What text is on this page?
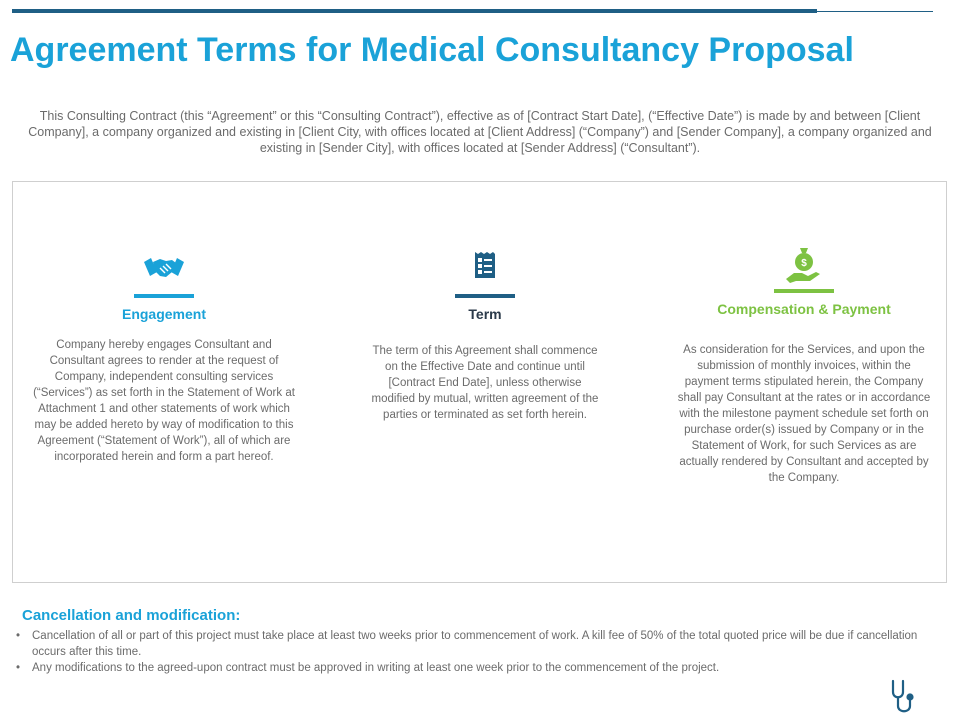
Agreement Terms for Medical Consultancy Proposal
This Consulting Contract (this “Agreement” or this “Consulting Contract”), effective as of [Contract Start Date], (“Effective Date”) is made by and between [Client Company], a company organized and existing in [Client City, with offices located at [Client Address] (“Company”) and [Sender Company], a company organized and existing in [Sender City], with offices located at [Sender Address] (“Consultant”).
Engagement
Company hereby engages Consultant and Consultant agrees to render at the request of Company, independent consulting services (“Services”) as set forth in the Statement of Work at Attachment 1 and other statements of work which may be added hereto by way of modification to this Agreement (“Statement of Work”), all of which are incorporated herein and form a part hereof.
Term
The term of this Agreement shall commence on the Effective Date and continue until [Contract End Date], unless otherwise modified by mutual, written agreement of the parties or terminated as set forth herein.
$
Compensation & Payment
As consideration for the Services, and upon the submission of monthly invoices, within the payment terms stipulated herein, the Company shall pay Consultant at the rates or in accordance with the milestone payment schedule set forth on purchase order(s) issued by Company or in the Statement of Work, for such Services as are actually rendered by Consultant and accepted by the Company.
Cancellation and modification:
• Cancellation of all or part of this project must take place at least two weeks prior to commencement of work. A kill fee of 50% of the total quoted price will be due if cancellation occurs after this time.
• Any modifications to the agreed-upon contract must be approved in writing at least one week prior to the commencement of the project.
